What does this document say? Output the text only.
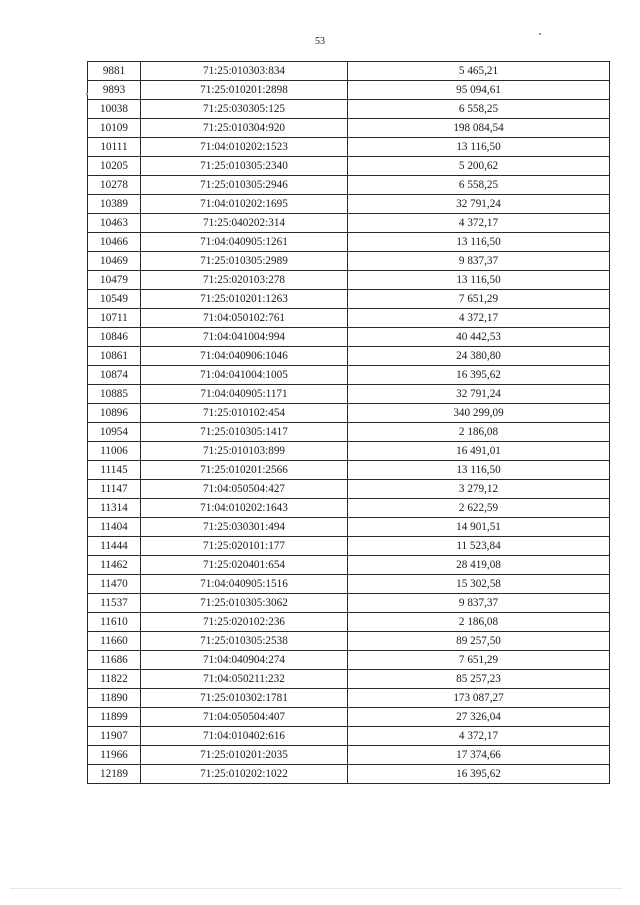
53
9881	71:25:010303:834	5 465,21
9893	71:25:010201:2898	95 094,61
10038	71:25:030305:125	6 558,25
10109	71:25:010304:920	198 084,54
10111	71:04:010202:1523	13 116,50
10205	71:25:010305:2340	5 200,62
10278	71:25:010305:2946	6 558,25
10389	71:04:010202:1695	32 791,24
10463	71:25:040202:314	4 372,17
10466	71:04:040905:1261	13 116,50
10469	71:25:010305:2989	9 837,37
10479	71:25:020103:278	13 116,50
10549	71:25:010201:1263	7 651,29
10711	71:04:050102:761	4 372,17
10846	71:04:041004:994	40 442,53
10861	71:04:040906:1046	24 380,80
10874	71:04:041004:1005	16 395,62
10885	71:04:040905:1171	32 791,24
10896	71:25:010102:454	340 299,09
10954	71:25:010305:1417	2 186,08
11006	71:25:010103:899	16 491,01
11145	71:25:010201:2566	13 116,50
11147	71:04:050504:427	3 279,12
11314	71:04:010202:1643	2 622,59
11404	71:25:030301:494	14 901,51
11444	71:25:020101:177	11 523,84
11462	71:25:020401:654	28 419,08
11470	71:04:040905:1516	15 302,58
11537	71:25:010305:3062	9 837,37
11610	71:25:020102:236	2 186,08
11660	71:25:010305:2538	89 257,50
11686	71:04:040904:274	7 651,29
11822	71:04:050211:232	85 257,23
11890	71:25:010302:1781	173 087,27
11899	71:04:050504:407	27 326,04
11907	71:04:010402:616	4 372,17
11966	71:25:010201:2035	17 374,66
12189	71:25:010202:1022	16 395,62
